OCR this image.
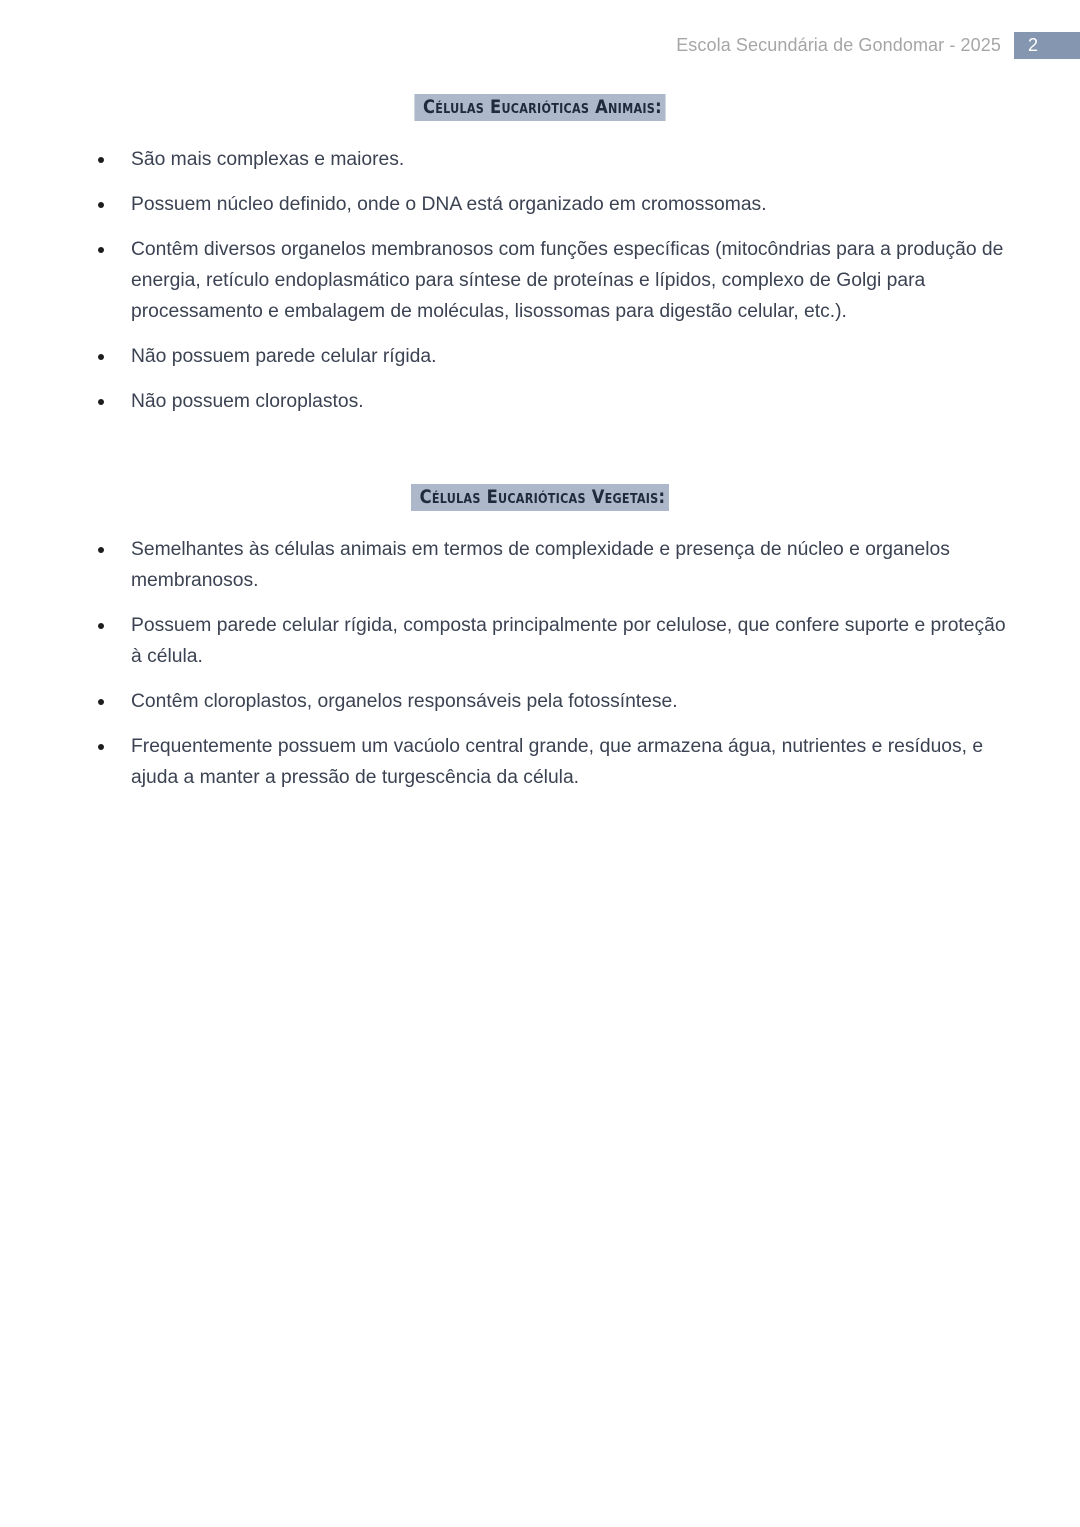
Escola Secundária de Gondomar - 2025 2
Células Eucarióticas Animais:
São mais complexas e maiores.
Possuem núcleo definido, onde o DNA está organizado em cromossomas.
Contêm diversos organelos membranosos com funções específicas (mitocôndrias para a produção de energia, retículo endoplasmático para síntese de proteínas e lípidos, complexo de Golgi para processamento e embalagem de moléculas, lisossomas para digestão celular, etc.).
Não possuem parede celular rígida.
Não possuem cloroplastos.
Células Eucarióticas Vegetais:
Semelhantes às células animais em termos de complexidade e presença de núcleo e organelos membranosos.
Possuem parede celular rígida, composta principalmente por celulose, que confere suporte e proteção à célula.
Contêm cloroplastos, organelos responsáveis pela fotossíntese.
Frequentemente possuem um vacúolo central grande, que armazena água, nutrientes e resíduos, e ajuda a manter a pressão de turgescência da célula.
